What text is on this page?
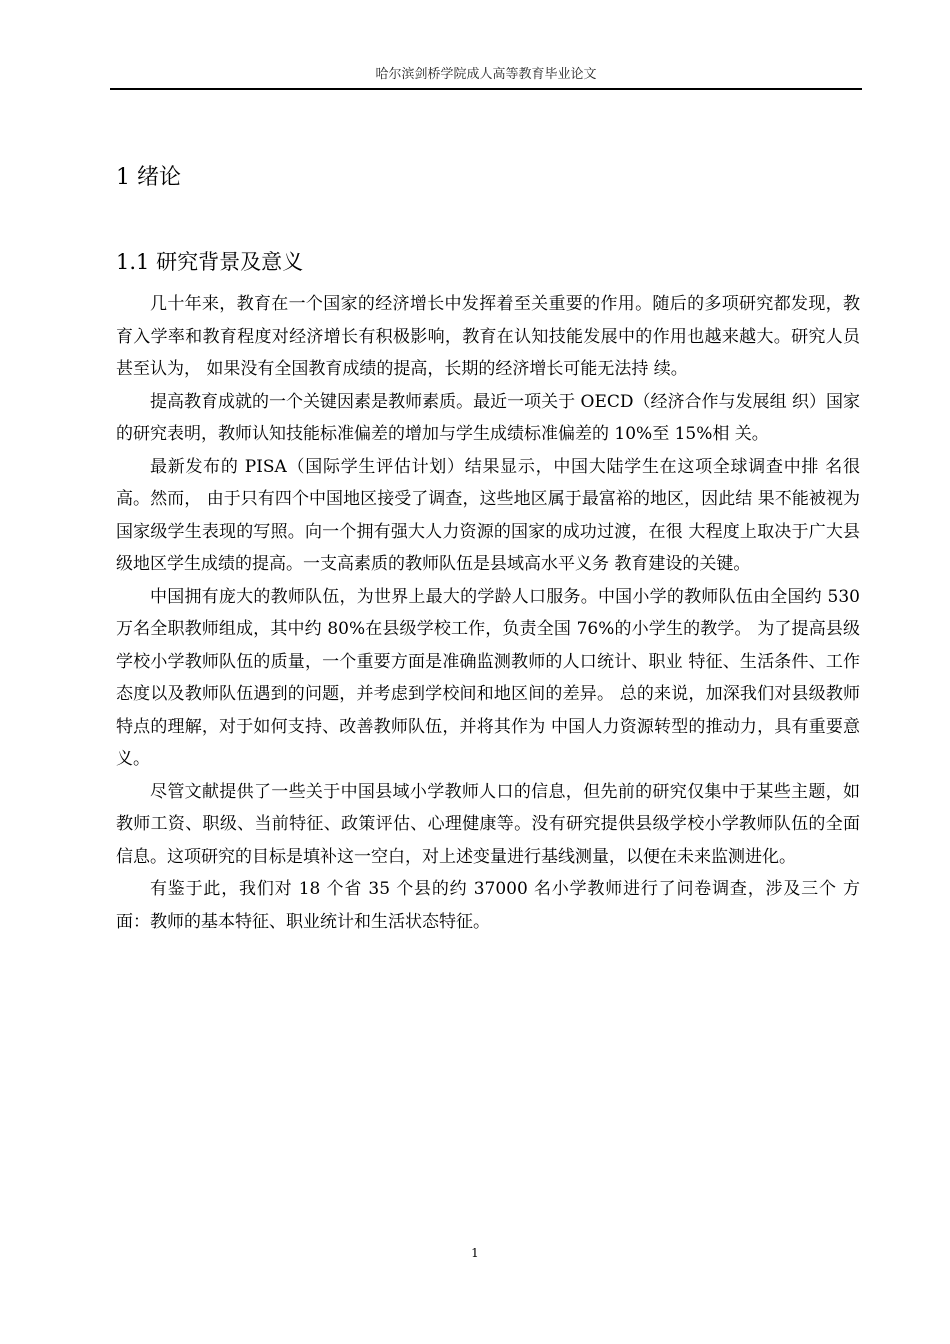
哈尔滨剑桥学院成人高等教育毕业论文
1 绪论
1.1 研究背景及意义

几十年来，教育在一个国家的经济增长中发挥着至关重要的作用。随后的多项研究都发现，教育入学率和教育程度对经济增长有积极影响，教育在认知技能发展中的作用也越来越大。研究人员甚至认为， 如果没有全国教育成绩的提高，长期的经济增长可能无法持 续。

提高教育成就的一个关键因素是教师素质。最近一项关于 OECD（经济合作与发展组 织）国家的研究表明，教师认知技能标准偏差的增加与学生成绩标准偏差的 10%至 15%相 关。

最新发布的 PISA（国际学生评估计划）结果显示，中国大陆学生在这项全球调查中排 名很高。然而， 由于只有四个中国地区接受了调查，这些地区属于最富裕的地区，因此结 果不能被视为国家级学生表现的写照。向一个拥有强大人力资源的国家的成功过渡，在很 大程度上取决于广大县级地区学生成绩的提高。一支高素质的教师队伍是县域高水平义务 教育建设的关键。

中国拥有庞大的教师队伍，为世界上最大的学龄人口服务。中国小学的教师队伍由全国约 530 万名全职教师组成，其中约 80%在县级学校工作，负责全国 76%的小学生的教学。 为了提高县级学校小学教师队伍的质量，一个重要方面是准确监测教师的人口统计、职业 特征、生活条件、工作态度以及教师队伍遇到的问题，并考虑到学校间和地区间的差异。 总的来说，加深我们对县级教师特点的理解，对于如何支持、改善教师队伍，并将其作为 中国人力资源转型的推动力，具有重要意义。

尽管文献提供了一些关于中国县域小学教师人口的信息，但先前的研究仅集中于某些主题，如教师工资、职级、当前特征、政策评估、心理健康等。没有研究提供县级学校小学教师队伍的全面信息。这项研究的目标是填补这一空白，对上述变量进行基线测量，以便在未来监测进化。

有鉴于此，我们对 18 个省 35 个县的约 37000 名小学教师进行了问卷调查，涉及三个 方面：教师的基本特征、职业统计和生活状态特征。

1
